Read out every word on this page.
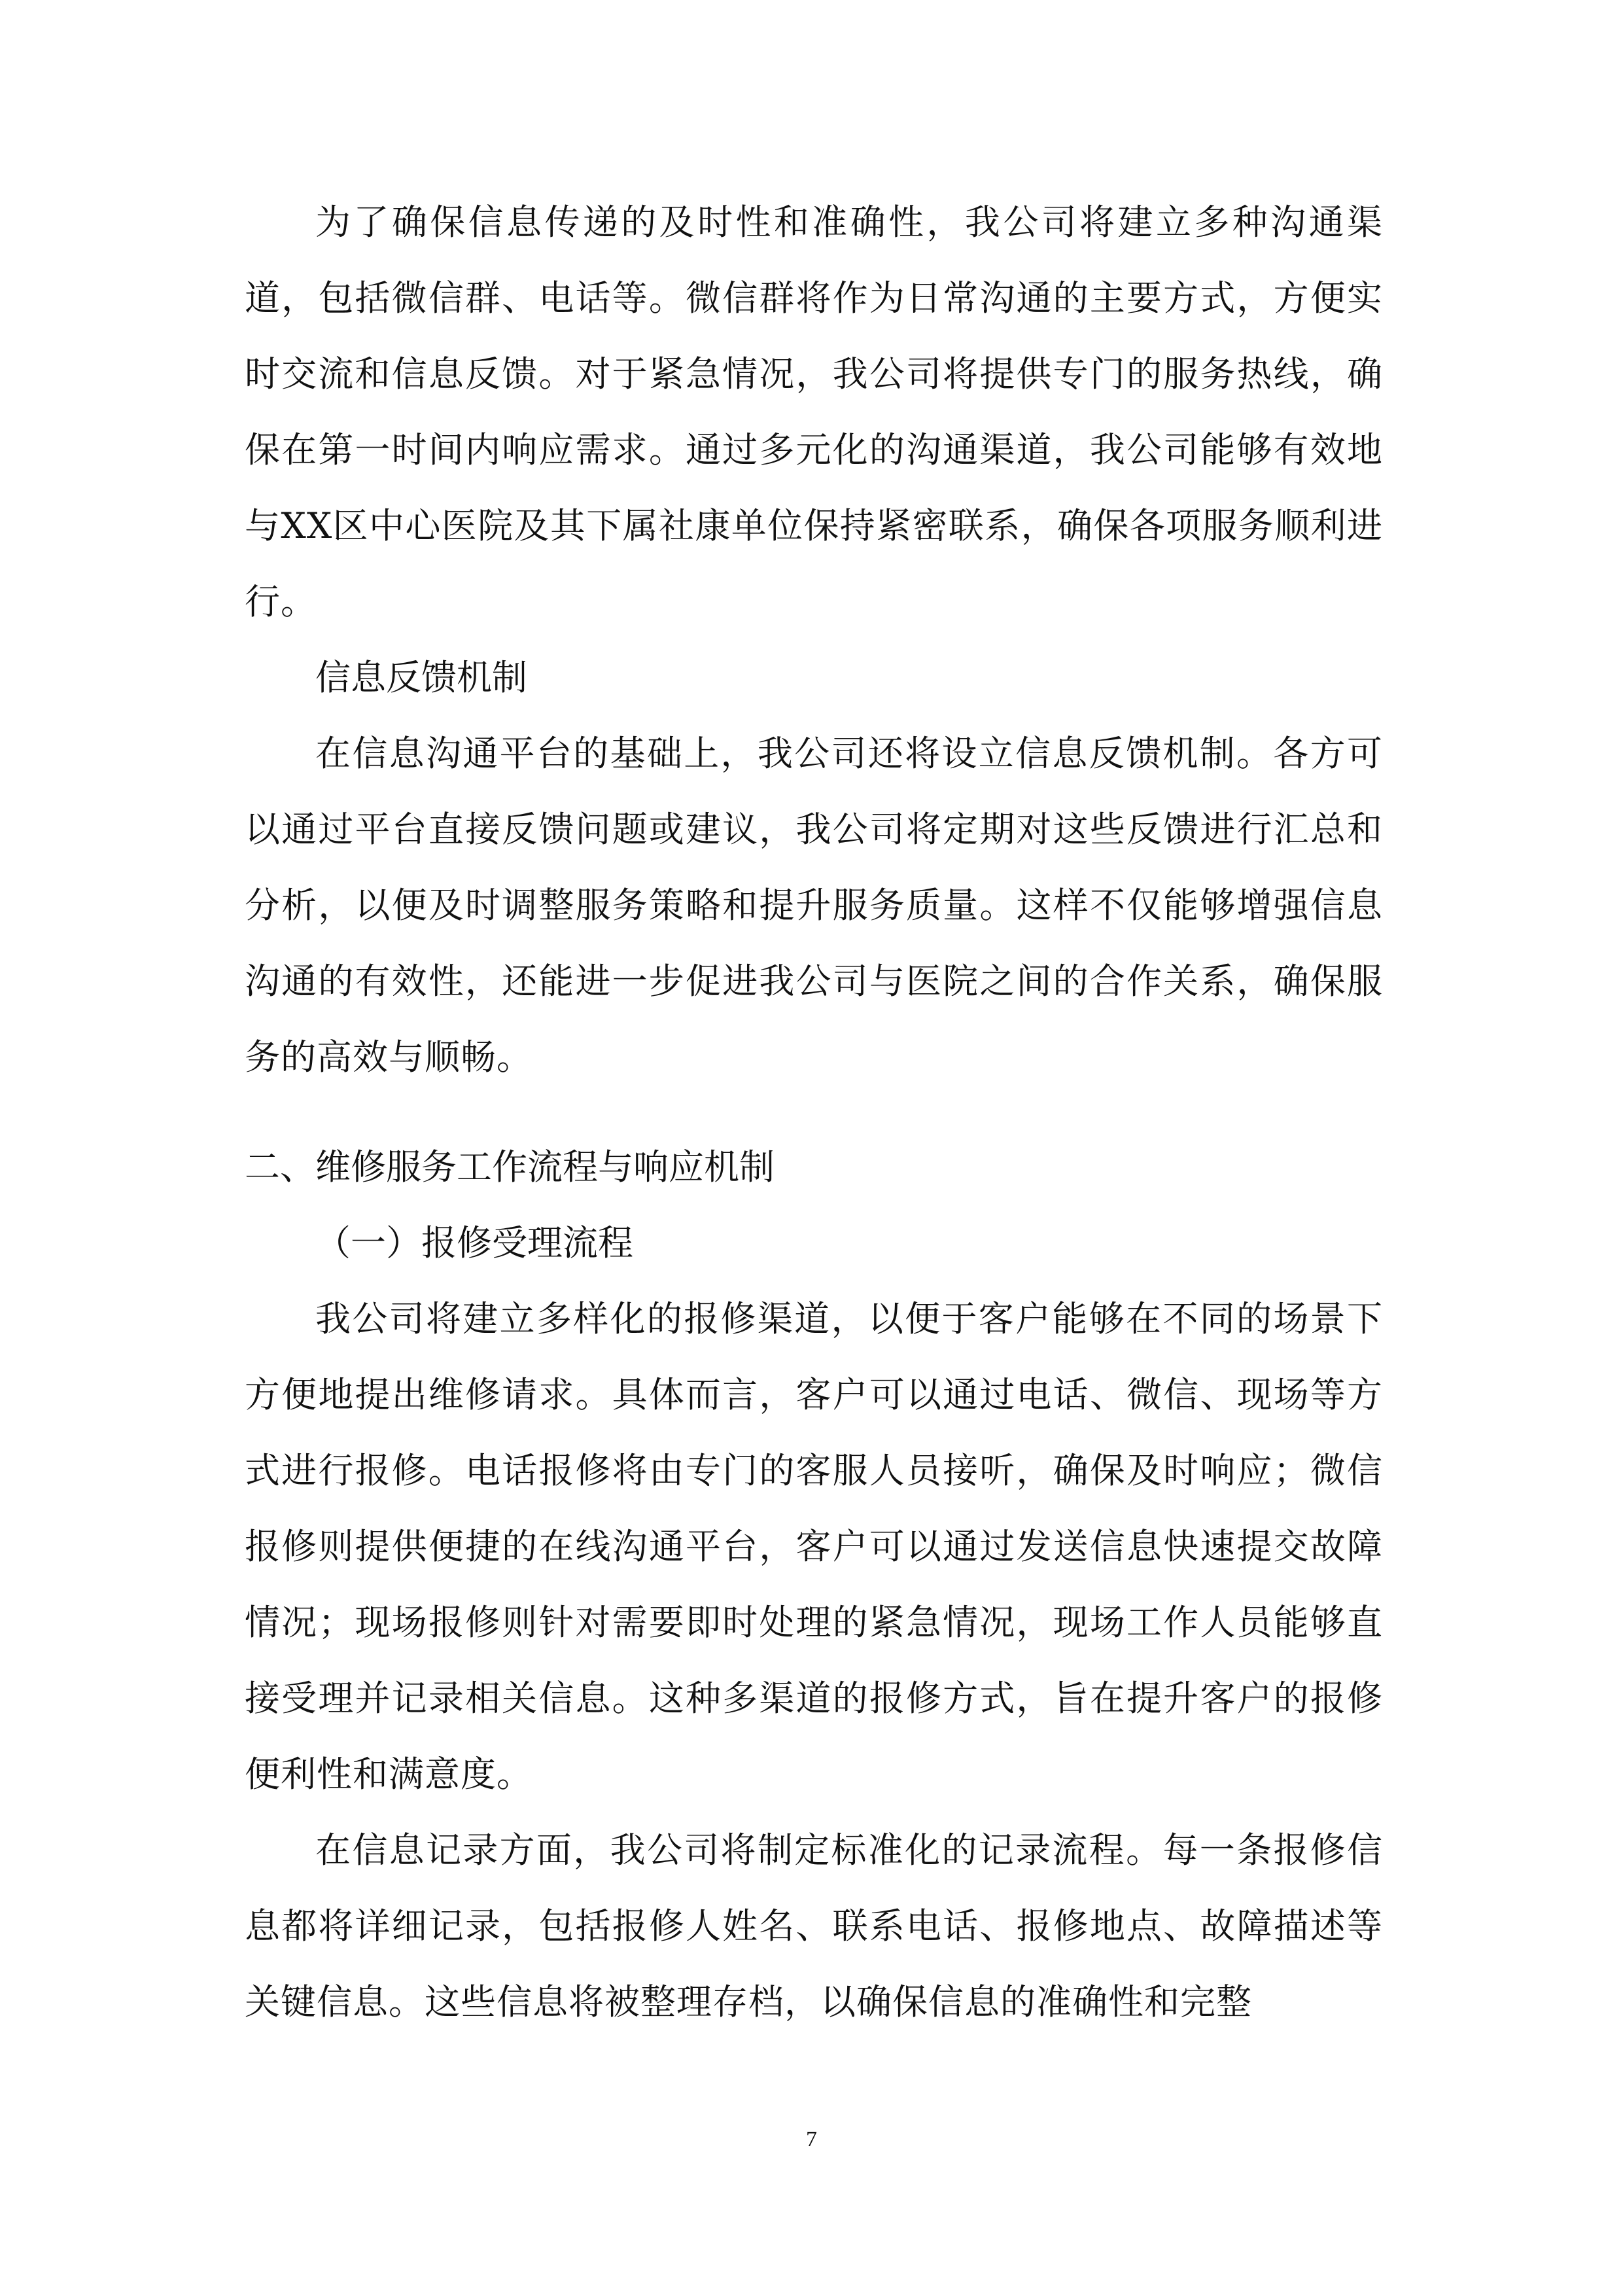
为了确保信息传递的及时性和准确性，我公司将建立多种沟通渠道，包括微信群、电话等。微信群将作为日常沟通的主要方式，方便实时交流和信息反馈。对于紧急情况，我公司将提供专门的服务热线，确保在第一时间内响应需求。通过多元化的沟通渠道，我公司能够有效地与XX区中心医院及其下属社康单位保持紧密联系，确保各项服务顺利进行。

信息反馈机制

在信息沟通平台的基础上，我公司还将设立信息反馈机制。各方可以通过平台直接反馈问题或建议，我公司将定期对这些反馈进行汇总和分析，以便及时调整服务策略和提升服务质量。这样不仅能够增强信息沟通的有效性，还能进一步促进我公司与医院之间的合作关系，确保服务的高效与顺畅。

二、维修服务工作流程与响应机制

（一）报修受理流程

我公司将建立多样化的报修渠道，以便于客户能够在不同的场景下方便地提出维修请求。具体而言，客户可以通过电话、微信、现场等方式进行报修。电话报修将由专门的客服人员接听，确保及时响应；微信报修则提供便捷的在线沟通平台，客户可以通过发送信息快速提交故障情况；现场报修则针对需要即时处理的紧急情况，现场工作人员能够直接受理并记录相关信息。这种多渠道的报修方式，旨在提升客户的报修便利性和满意度。

在信息记录方面，我公司将制定标准化的记录流程。每一条报修信息都将详细记录，包括报修人姓名、联系电话、报修地点、故障描述等关键信息。这些信息将被整理存档，以确保信息的准确性和完整

7
